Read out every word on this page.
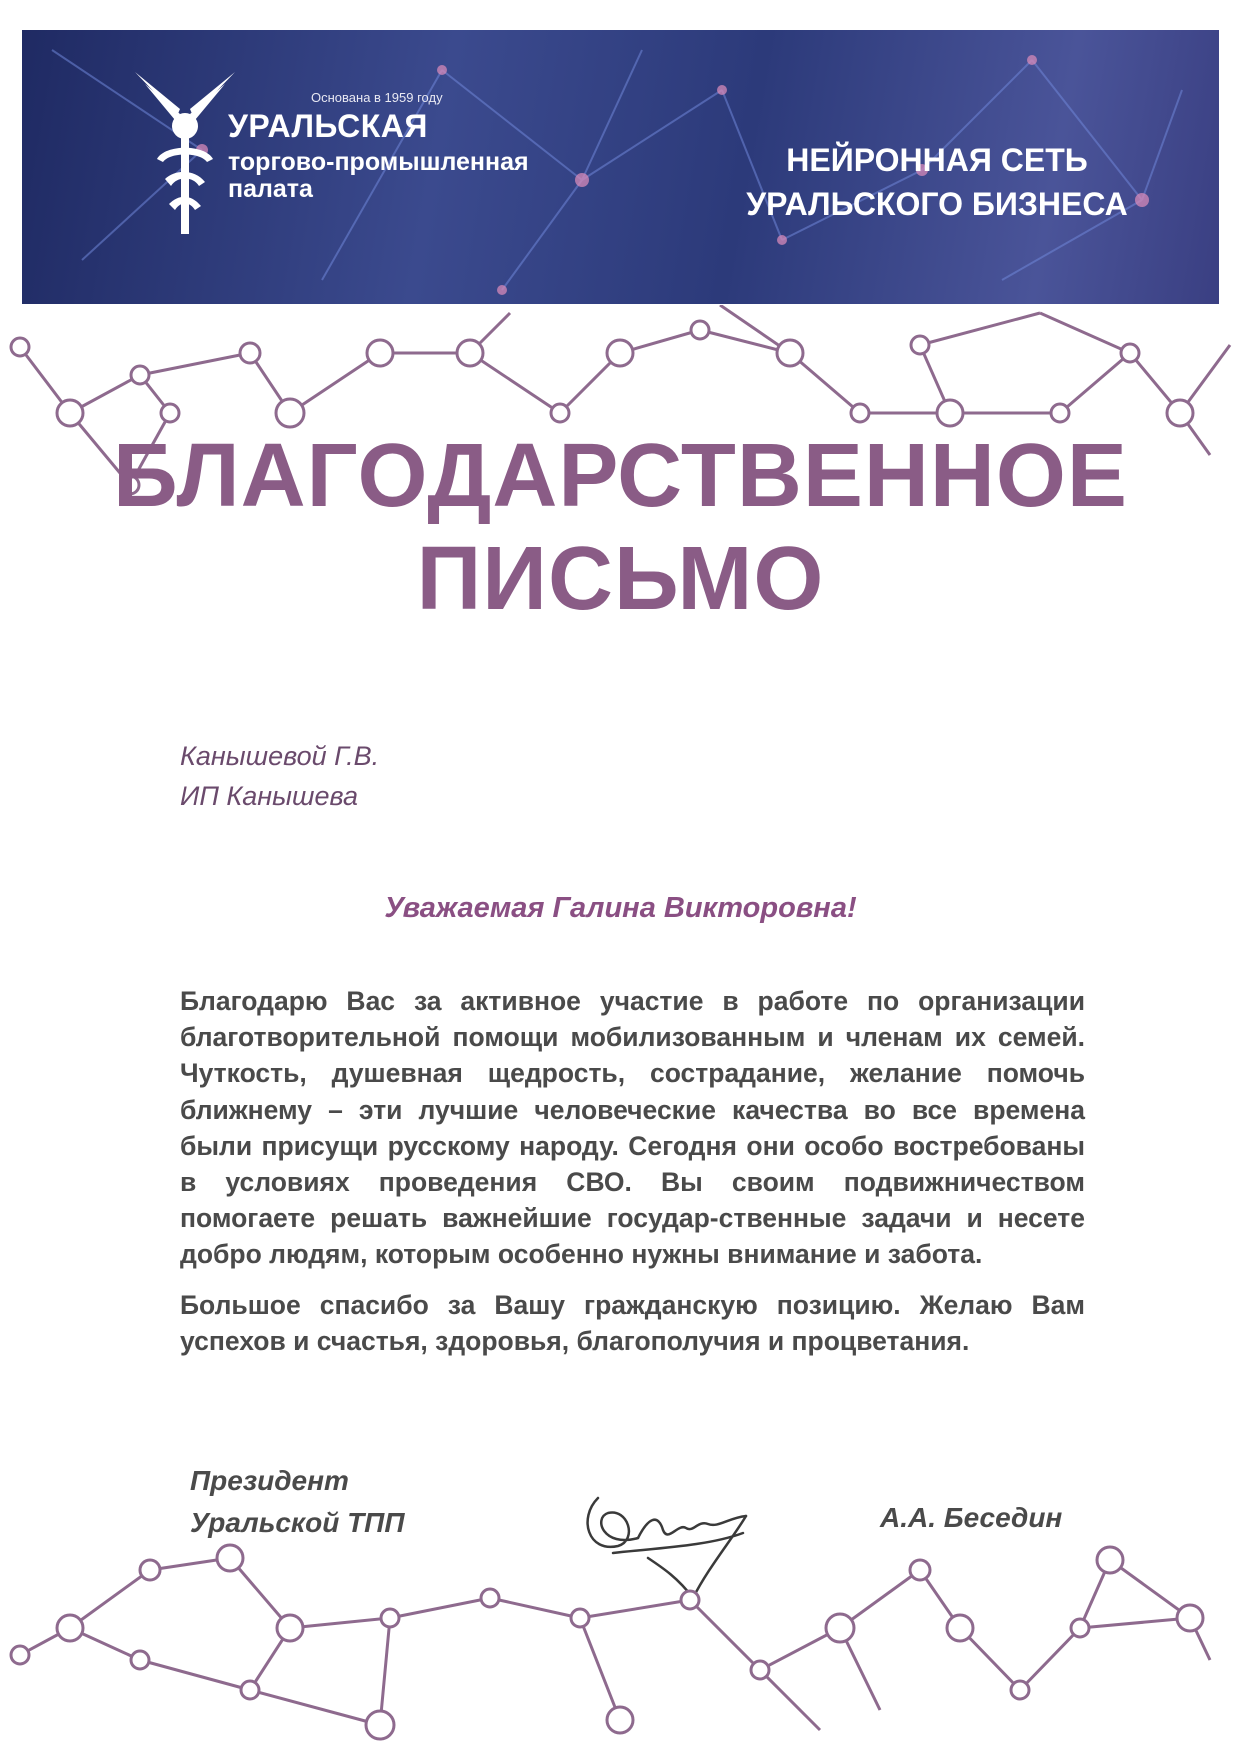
Основана в 1959 году
УРАЛЬСКАЯ
торгово-промышленная
палата
НЕЙРОННАЯ СЕТЬ
УРАЛЬСКОГО БИЗНЕСА
БЛАГОДАРСТВЕННОЕ
ПИСЬМО
Канышевой Г.В.
ИП Канышева
Уважаемая Галина Викторовна!

Благодарю Вас за активное участие в работе по организации благотворительной помощи мобилизованным и членам их семей. Чуткость, душевная щедрость, сострадание, желание помочь ближнему – эти лучшие человеческие качества во все времена были присущи русскому народу. Сегодня они особо востребованы в условиях проведения СВО. Вы своим подвижничеством помогаете решать важнейшие государ-ственные задачи и несете добро людям, которым особенно нужны внимание и забота.

Большое спасибо за Вашу гражданскую позицию. Желаю Вам успехов и счастья, здоровья, благополучия и процветания.

Президент
Уральской ТПП	А.А. Беседин
